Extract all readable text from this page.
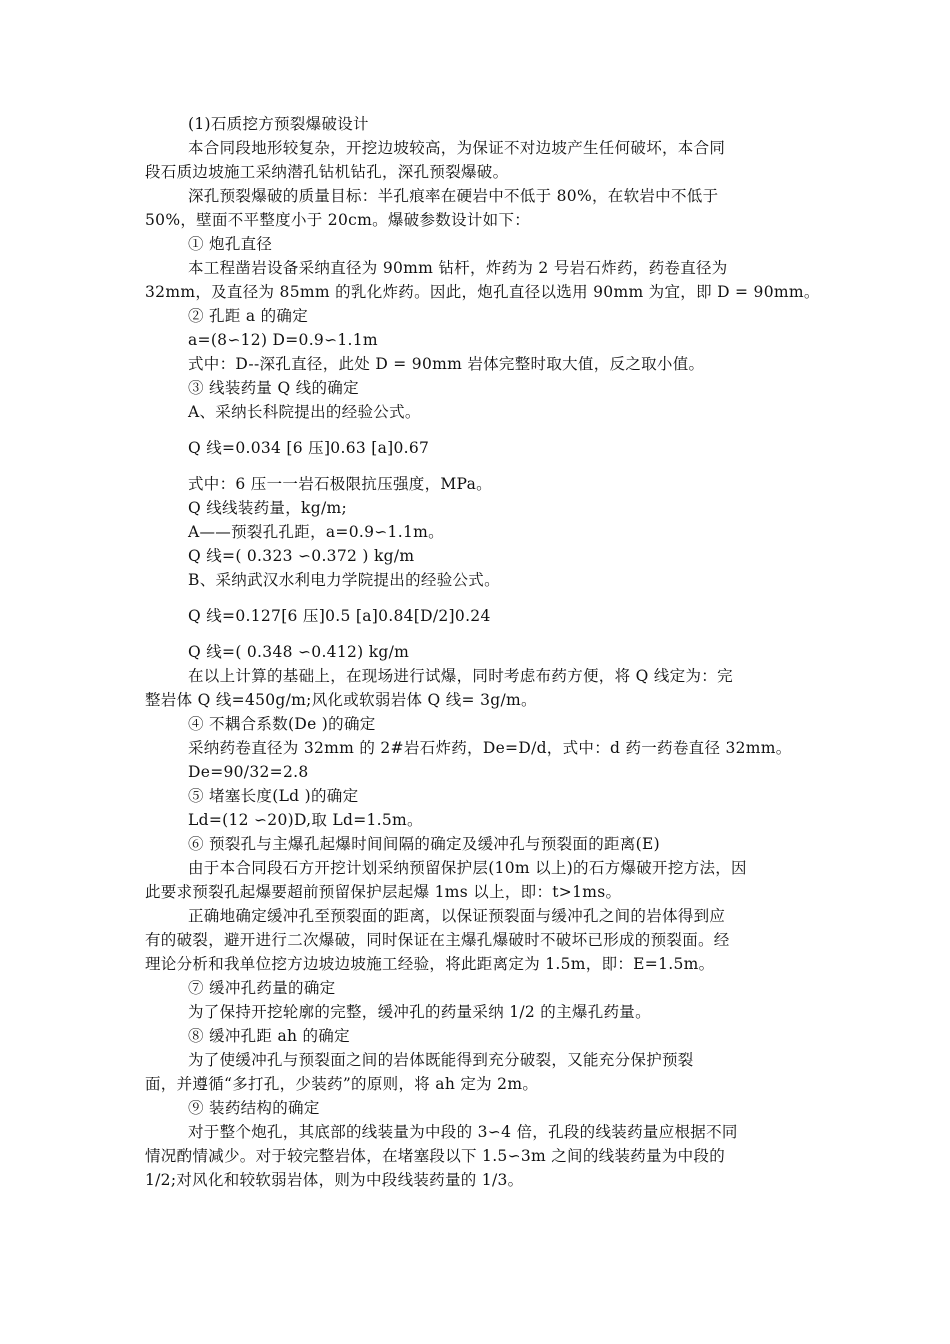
(1)石质挖方预裂爆破设计
本合同段地形较复杂，开挖边坡较高，为保证不对边坡产生任何破坏，本合同
段石质边坡施工采纳潜孔钻机钻孔，深孔预裂爆破。
深孔预裂爆破的质量目标：半孔痕率在硬岩中不低于 80%，在软岩中不低于
50%，壁面不平整度小于 20cm。爆破参数设计如下：
① 炮孔直径
本工程凿岩设备采纳直径为 90mm 钻杆，炸药为 2 号岩石炸药，药卷直径为
32mm，及直径为 85mm 的乳化炸药。因此，炮孔直径以选用 90mm 为宜，即 D = 90mm。
② 孔距 a 的确定
a=(8∽12) D=0.9∽1.1m
式中：D--深孔直径，此处 D = 90mm 岩体完整时取大值，反之取小值。
③ 线装药量 Q 线的确定
A、采纳长科院提出的经验公式。
Q 线=0.034 [6 压]0.63 [a]0.67
式中：6 压一一岩石极限抗压强度，MPa。
Q 线线装药量，kg/m;
A——预裂孔孔距，a=0.9∽1.1m。
Q 线=( 0.323 ∽0.372 ) kg/m
B、采纳武汉水利电力学院提出的经验公式。
Q 线=0.127[6 压]0.5 [a]0.84[D/2]0.24
Q 线=( 0.348 ∽0.412) kg/m
在以上计算的基础上，在现场进行试爆，同时考虑布药方便，将 Q 线定为：完
整岩体 Q 线=450g/m;风化或软弱岩体 Q 线= 3g/m。
④ 不耦合系数(De )的确定
采纳药卷直径为 32mm 的 2#岩石炸药，De=D/d，式中：d 药一药卷直径 32mm。
De=90/32=2.8
⑤ 堵塞长度(Ld )的确定
Ld=(12 ∽20)D,取 Ld=1.5m。
⑥ 预裂孔与主爆孔起爆时间间隔的确定及缓冲孔与预裂面的距离(E)
由于本合同段石方开挖计划采纳预留保护层(10m 以上)的石方爆破开挖方法，因
此要求预裂孔起爆要超前预留保护层起爆 1ms 以上，即：t>1ms。
正确地确定缓冲孔至预裂面的距离，以保证预裂面与缓冲孔之间的岩体得到应
有的破裂，避开进行二次爆破，同时保证在主爆孔爆破时不破坏已形成的预裂面。经
理论分析和我单位挖方边坡边坡施工经验，将此距离定为 1.5m，即：E=1.5m。
⑦ 缓冲孔药量的确定
为了保持开挖轮廓的完整，缓冲孔的药量采纳 1/2 的主爆孔药量。
⑧ 缓冲孔距 ah 的确定
为了使缓冲孔与预裂面之间的岩体既能得到充分破裂，又能充分保护预裂
面，并遵循“多打孔，少装药”的原则，将 ah 定为 2m。
⑨ 装药结构的确定
对于整个炮孔，其底部的线装量为中段的 3∽4 倍，孔段的线装药量应根据不同
情况酌情减少。对于较完整岩体，在堵塞段以下 1.5∽3m 之间的线装药量为中段的
1/2;对风化和较软弱岩体，则为中段线装药量的 1/3。
